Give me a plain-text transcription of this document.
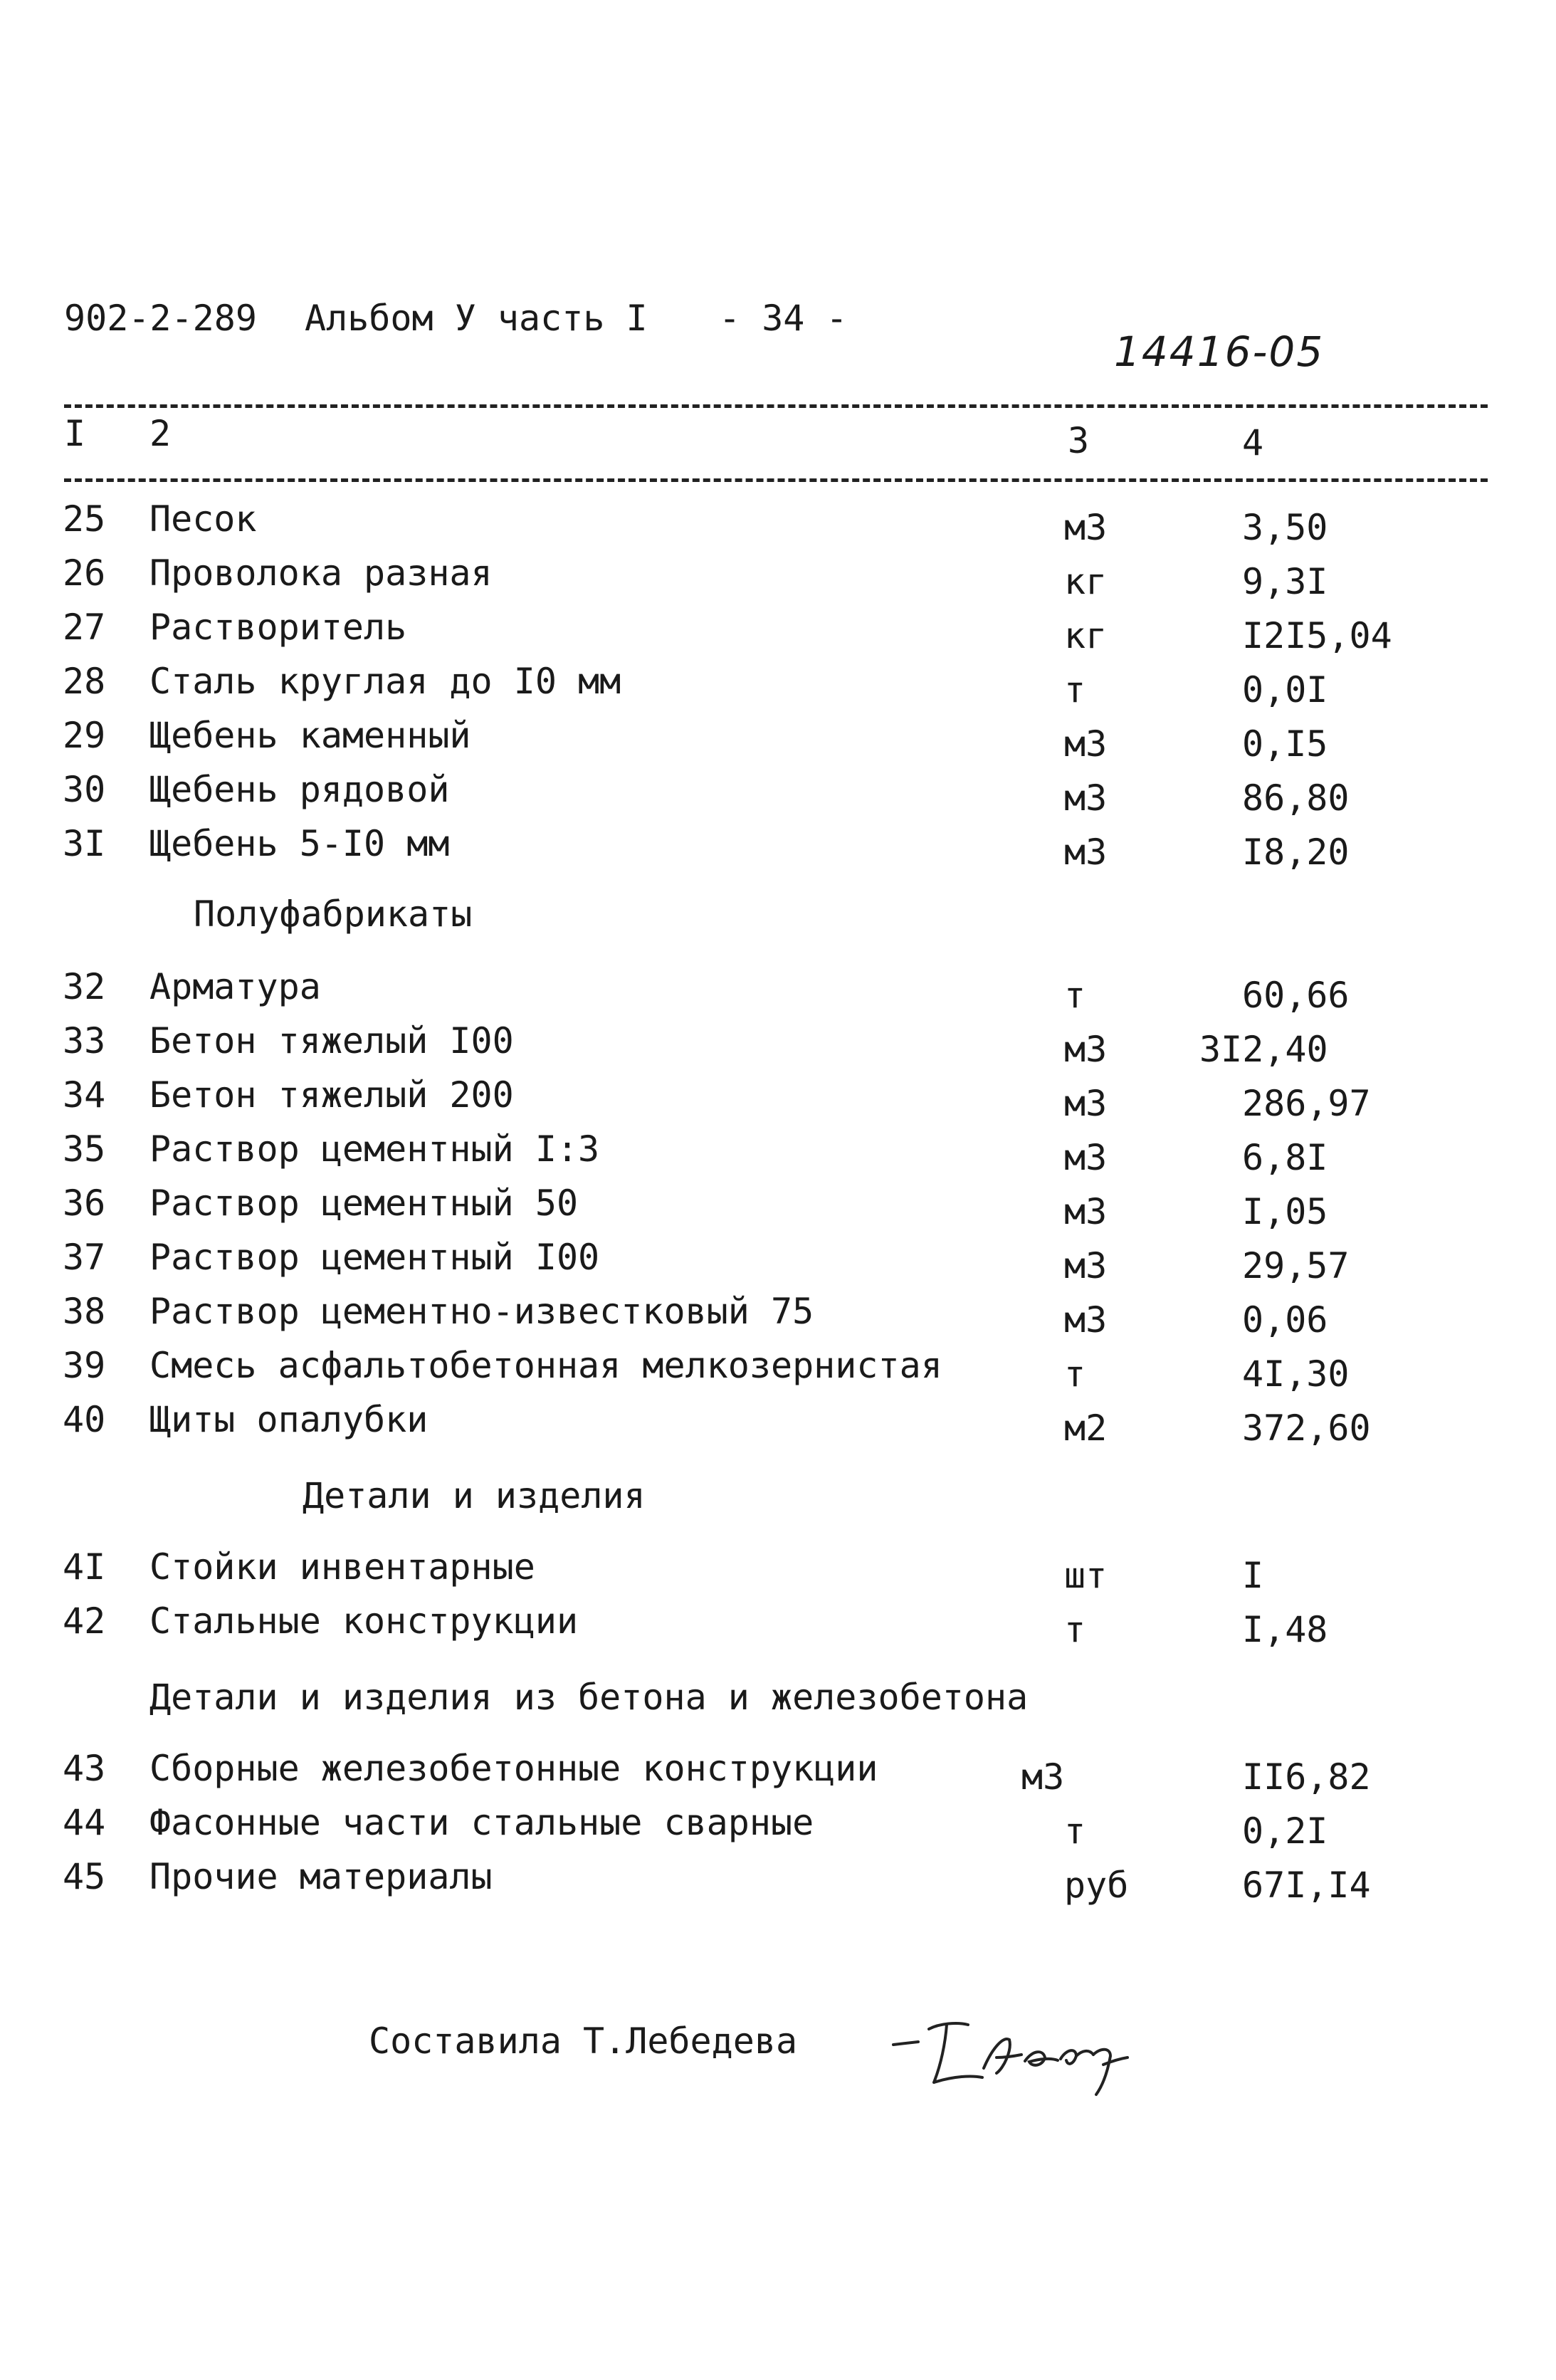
902-2-289 Альбом У часть I - 34 -
14416-05
I 2	3	4
25 Песок	м3	3,50
26 Проволока разная	кг	9,3I
27 Растворитель	кг	I2I5,04
28 Сталь круглая до I0 мм	т	0,0I
29 Щебень каменный	м3	0,I5
30 Щебень рядовой	м3	86,80
3I Щебень 5-I0 мм	м3	I8,20
Полуфабрикаты
32 Арматура	т	60,66
33 Бетон тяжелый I00	м3	3I2,40
34 Бетон тяжелый 200	м3	286,97
35 Раствор цементный I:3	м3	6,8I
36 Раствор цементный 50	м3	I,05
37 Раствор цементный I00	м3	29,57
38 Раствор цементно-известковый 75	м3	0,06
39 Смесь асфальтобетонная мелкозернистая	т	4I,30
40 Щиты опалубки	м2	372,60
Детали и изделия
4I Стойки инвентарные	шт	I
42 Стальные конструкции	т	I,48
Детали и изделия из бетона и железобетона
43 Сборные железобетонные конструкции	м3	II6,82
44 Фасонные части стальные сварные	т	0,2I
45 Прочие материалы	руб	67I,I4
Составила Т.Лебедева
